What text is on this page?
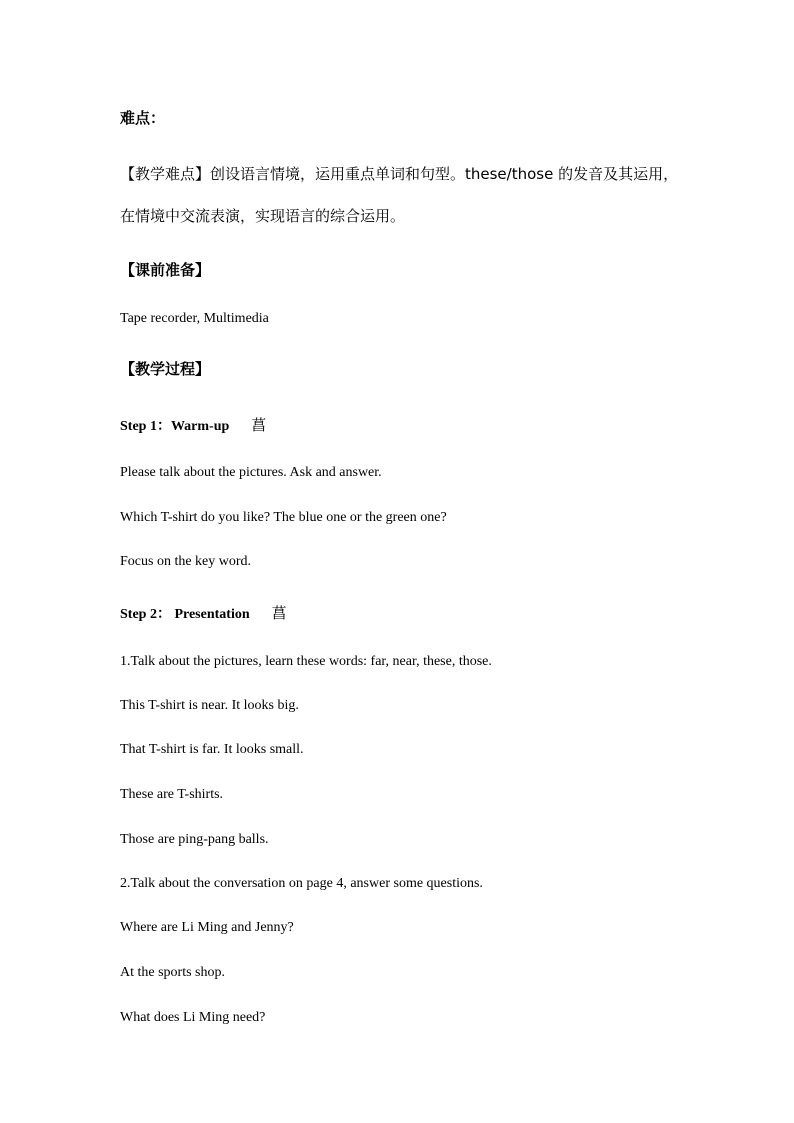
难点：
【教学难点】创设语言情境，运用重点单词和句型。these/those 的发音及其运用，
在情境中交流表演，实现语言的综合运用。
【课前准备】
Tape recorder, Multimedia
【教学过程】
Step 1：Warm-up 菖
Please talk about the pictures. Ask and answer.
Which T-shirt do you like? The blue one or the green one?
Focus on the key word.
Step 2： Presentation 菖
1.Talk about the pictures, learn these words: far, near, these, those.
This T-shirt is near. It looks big.
That T-shirt is far. It looks small.
These are T-shirts.
Those are ping-pang balls.
2.Talk about the conversation on page 4, answer some questions.
Where are Li Ming and Jenny?
At the sports shop.
What does Li Ming need?
